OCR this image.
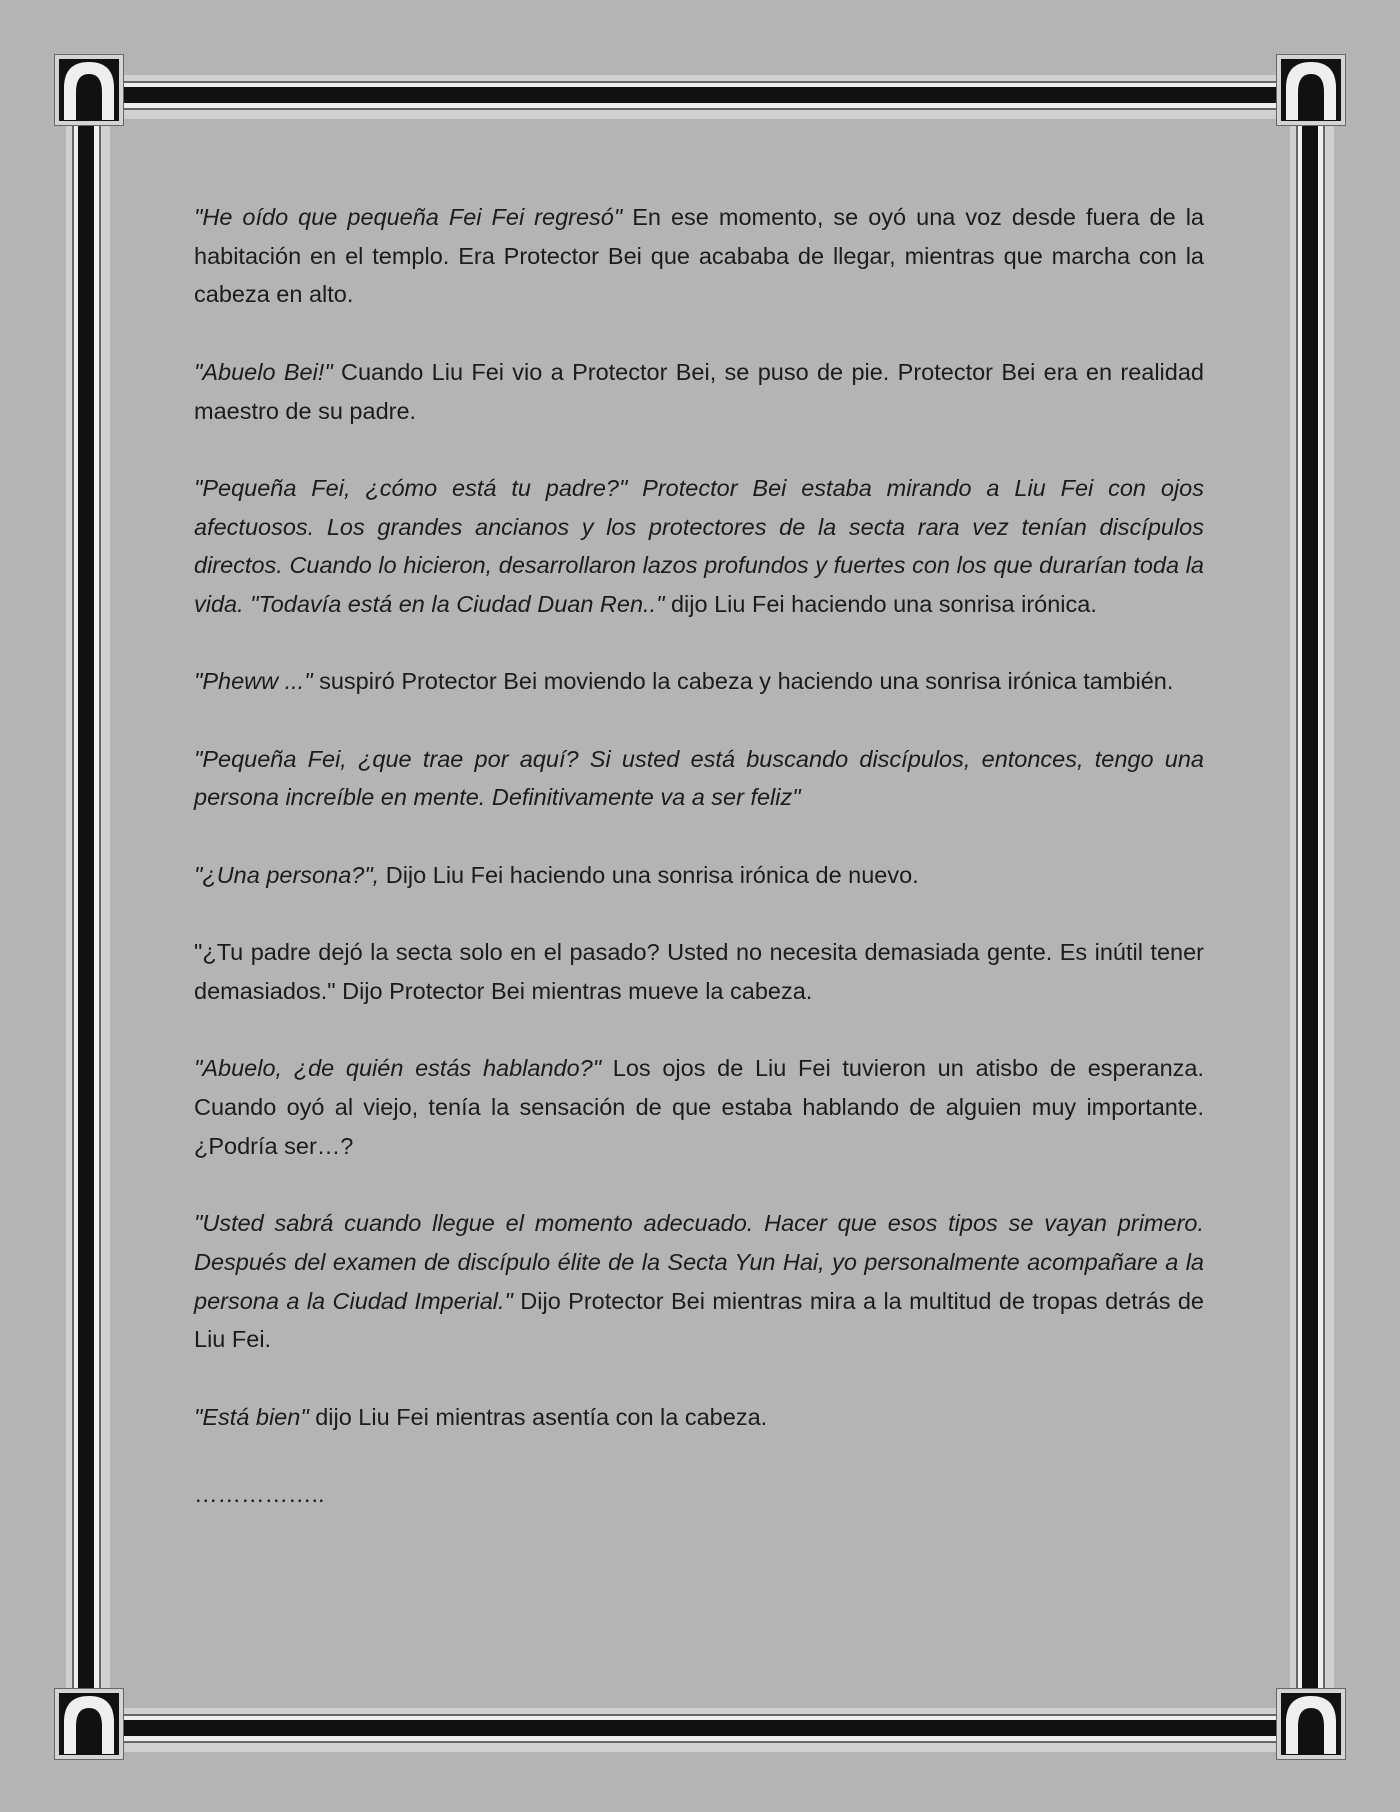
"He oído que pequeña Fei Fei regresó" En ese momento, se oyó una voz desde fuera de la habitación en el templo. Era Protector Bei que acababa de llegar, mientras que marcha con la cabeza en alto.

"Abuelo Bei!" Cuando Liu Fei vio a Protector Bei, se puso de pie. Protector Bei era en realidad maestro de su padre.

"Pequeña Fei, ¿cómo está tu padre?" Protector Bei estaba mirando a Liu Fei con ojos afectuosos. Los grandes ancianos y los protectores de la secta rara vez tenían discípulos directos. Cuando lo hicieron, desarrollaron lazos profundos y fuertes con los que durarían toda la vida. "Todavía está en la Ciudad Duan Ren.." dijo Liu Fei haciendo una sonrisa irónica.

"Pheww ..." suspiró Protector Bei moviendo la cabeza y haciendo una sonrisa irónica también.

"Pequeña Fei, ¿que trae por aquí? Si usted está buscando discípulos, entonces, tengo una persona increíble en mente. Definitivamente va a ser feliz"

"¿Una persona?", Dijo Liu Fei haciendo una sonrisa irónica de nuevo.

"¿Tu padre dejó la secta solo en el pasado? Usted no necesita demasiada gente. Es inútil tener demasiados." Dijo Protector Bei mientras mueve la cabeza.

"Abuelo, ¿de quién estás hablando?" Los ojos de Liu Fei tuvieron un atisbo de esperanza. Cuando oyó al viejo, tenía la sensación de que estaba hablando de alguien muy importante. ¿Podría ser…?

"Usted sabrá cuando llegue el momento adecuado. Hacer que esos tipos se vayan primero. Después del examen de discípulo élite de la Secta Yun Hai, yo personalmente acompañare a la persona a la Ciudad Imperial." Dijo Protector Bei mientras mira a la multitud de tropas detrás de Liu Fei.

"Está bien" dijo Liu Fei mientras asentía con la cabeza.

……………..
